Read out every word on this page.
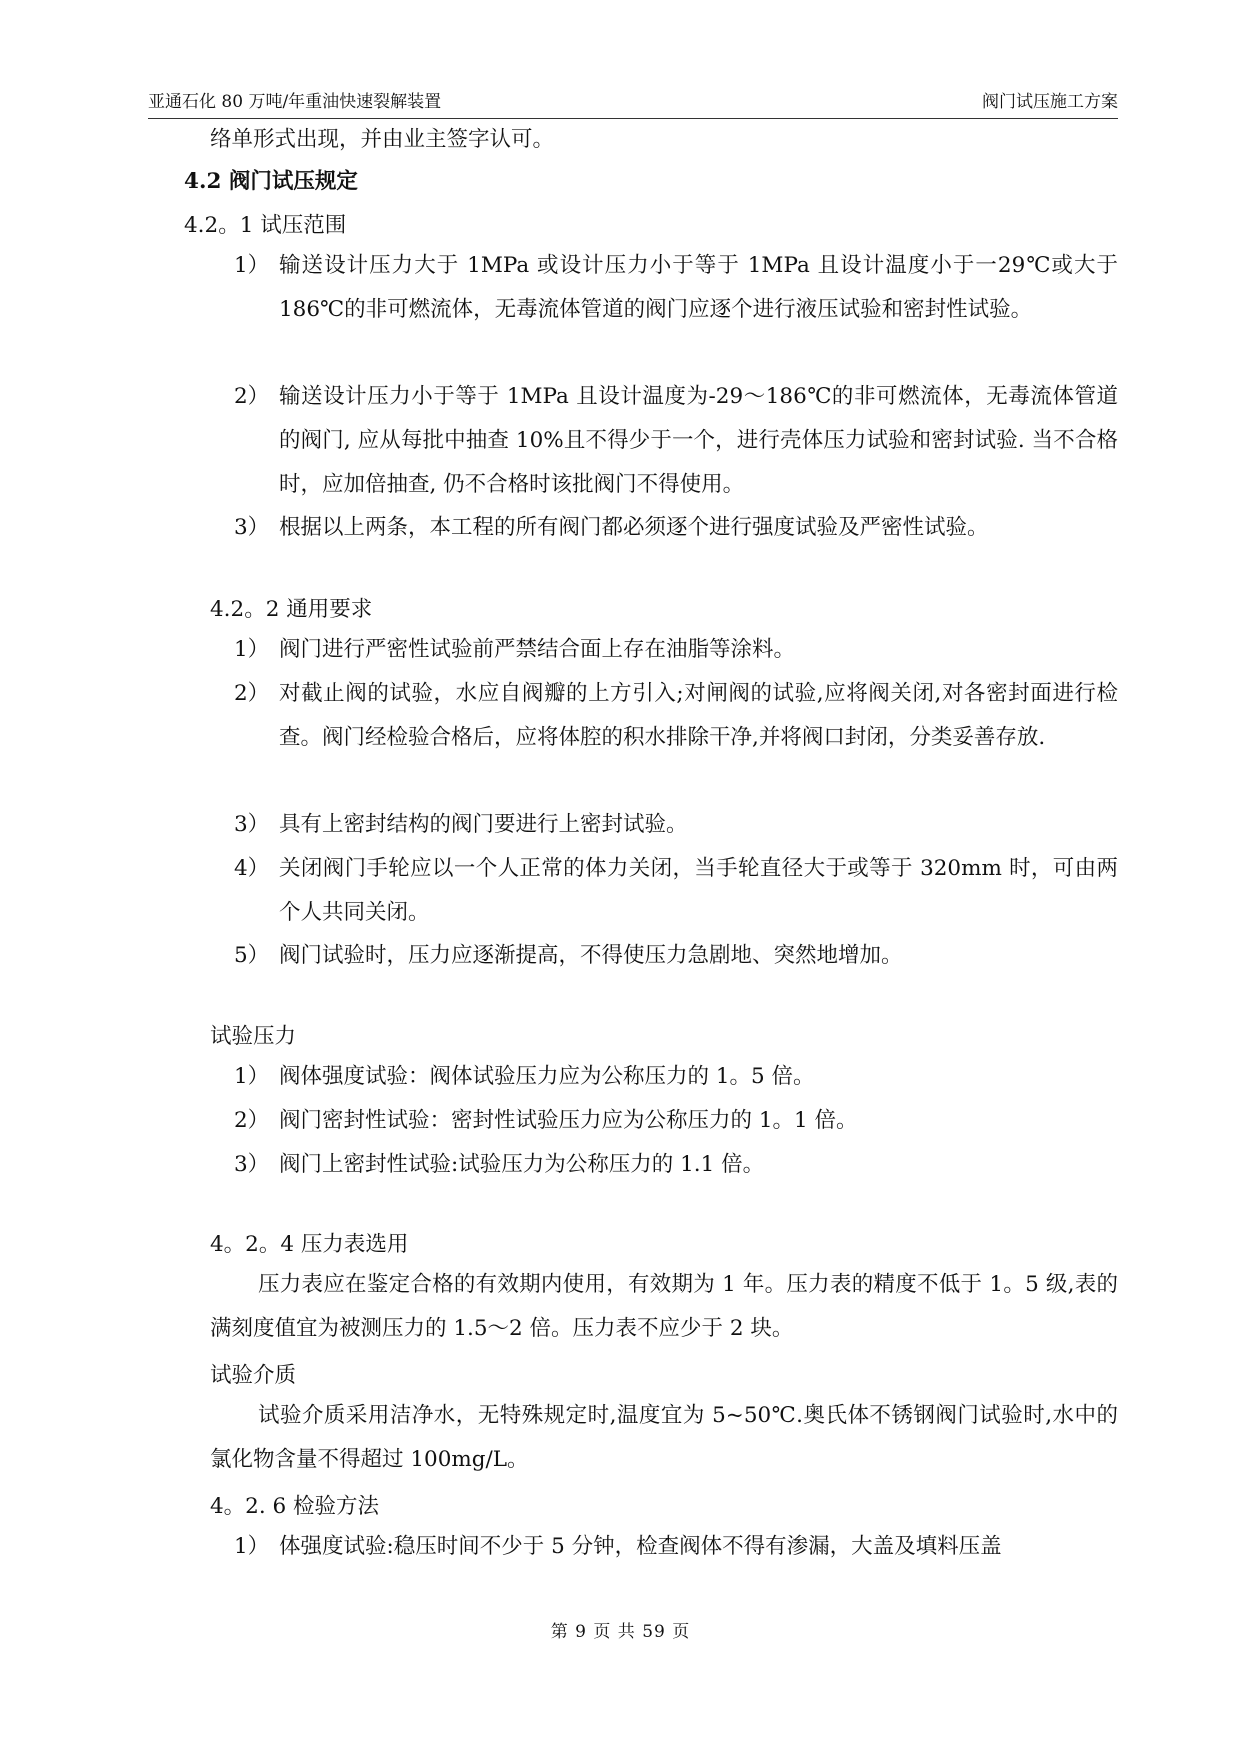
亚通石化 80 万吨/年重油快速裂解装置	阀门试压施工方案
络单形式出现，并由业主签字认可。
4.2 阀门试压规定
4.2。1 试压范围
1） 输送设计压力大于 1MPa 或设计压力小于等于 1MPa 且设计温度小于一29℃或大于 186℃的非可燃流体，无毒流体管道的阀门应逐个进行液压试验和密封性试验。
2） 输送设计压力小于等于 1MPa 且设计温度为-29～186℃的非可燃流体，无毒流体管道的阀门, 应从每批中抽查 10%且不得少于一个，进行壳体压力试验和密封试验. 当不合格时，应加倍抽查, 仍不合格时该批阀门不得使用。
3） 根据以上两条，本工程的所有阀门都必须逐个进行强度试验及严密性试验。
4.2。2 通用要求
1） 阀门进行严密性试验前严禁结合面上存在油脂等涂料。
2） 对截止阀的试验，水应自阀瓣的上方引入;对闸阀的试验,应将阀关闭,对各密封面进行检查。阀门经检验合格后，应将体腔的积水排除干净,并将阀口封闭，分类妥善存放.
3） 具有上密封结构的阀门要进行上密封试验。
4） 关闭阀门手轮应以一个人正常的体力关闭，当手轮直径大于或等于 320mm 时，可由两个人共同关闭。
5） 阀门试验时，压力应逐渐提高，不得使压力急剧地、突然地增加。
试验压力
1） 阀体强度试验：阀体试验压力应为公称压力的 1。5 倍。
2） 阀门密封性试验：密封性试验压力应为公称压力的 1。1 倍。
3） 阀门上密封性试验:试验压力为公称压力的 1.1 倍。
4。2。4 压力表选用
压力表应在鉴定合格的有效期内使用，有效期为 1 年。压力表的精度不低于 1。5 级,表的满刻度值宜为被测压力的 1.5～2 倍。压力表不应少于 2 块。
试验介质
试验介质采用洁净水，无特殊规定时,温度宜为 5~50℃.奥氏体不锈钢阀门试验时,水中的氯化物含量不得超过 100mg/L。
4。2. 6 检验方法
1） 体强度试验:稳压时间不少于 5 分钟，检查阀体不得有渗漏，大盖及填料压盖
第 9 页 共 59 页
